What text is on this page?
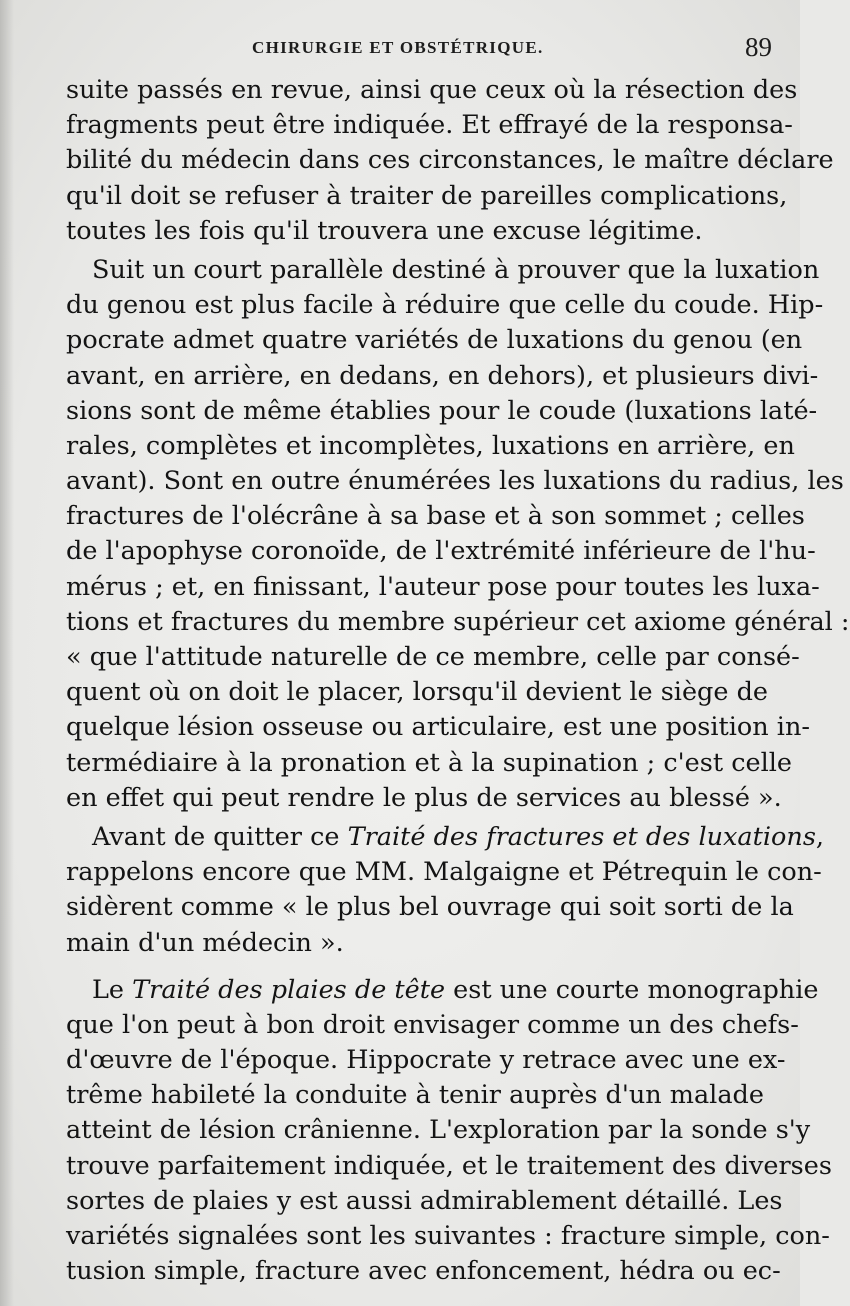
CHIRURGIE ET OBSTÉTRIQUE.	89
suite passés en revue, ainsi que ceux où la résection des
fragments peut être indiquée. Et effrayé de la responsa-
bilité du médecin dans ces circonstances, le maître déclare
qu'il doit se refuser à traiter de pareilles complications,
toutes les fois qu'il trouvera une excuse légitime.
Suit un court parallèle destiné à prouver que la luxation
du genou est plus facile à réduire que celle du coude. Hip-
pocrate admet quatre variétés de luxations du genou (en
avant, en arrière, en dedans, en dehors), et plusieurs divi-
sions sont de même établies pour le coude (luxations laté-
rales, complètes et incomplètes, luxations en arrière, en
avant). Sont en outre énumérées les luxations du radius, les
fractures de l'olécrâne à sa base et à son sommet ; celles
de l'apophyse coronoïde, de l'extrémité inférieure de l'hu-
mérus ; et, en finissant, l'auteur pose pour toutes les luxa-
tions et fractures du membre supérieur cet axiome général :
« que l'attitude naturelle de ce membre, celle par consé-
quent où on doit le placer, lorsqu'il devient le siège de
quelque lésion osseuse ou articulaire, est une position in-
termédiaire à la pronation et à la supination ; c'est celle
en effet qui peut rendre le plus de services au blessé ».
Avant de quitter ce Traité des fractures et des luxations,
rappelons encore que MM. Malgaigne et Pétrequin le con-
sidèrent comme « le plus bel ouvrage qui soit sorti de la
main d'un médecin ».
Le Traité des plaies de tête est une courte monographie
que l'on peut à bon droit envisager comme un des chefs-
d'œuvre de l'époque. Hippocrate y retrace avec une ex-
trême habileté la conduite à tenir auprès d'un malade
atteint de lésion crânienne. L'exploration par la sonde s'y
trouve parfaitement indiquée, et le traitement des diverses
sortes de plaies y est aussi admirablement détaillé. Les
variétés signalées sont les suivantes : fracture simple, con-
tusion simple, fracture avec enfoncement, hédra ou ec-
